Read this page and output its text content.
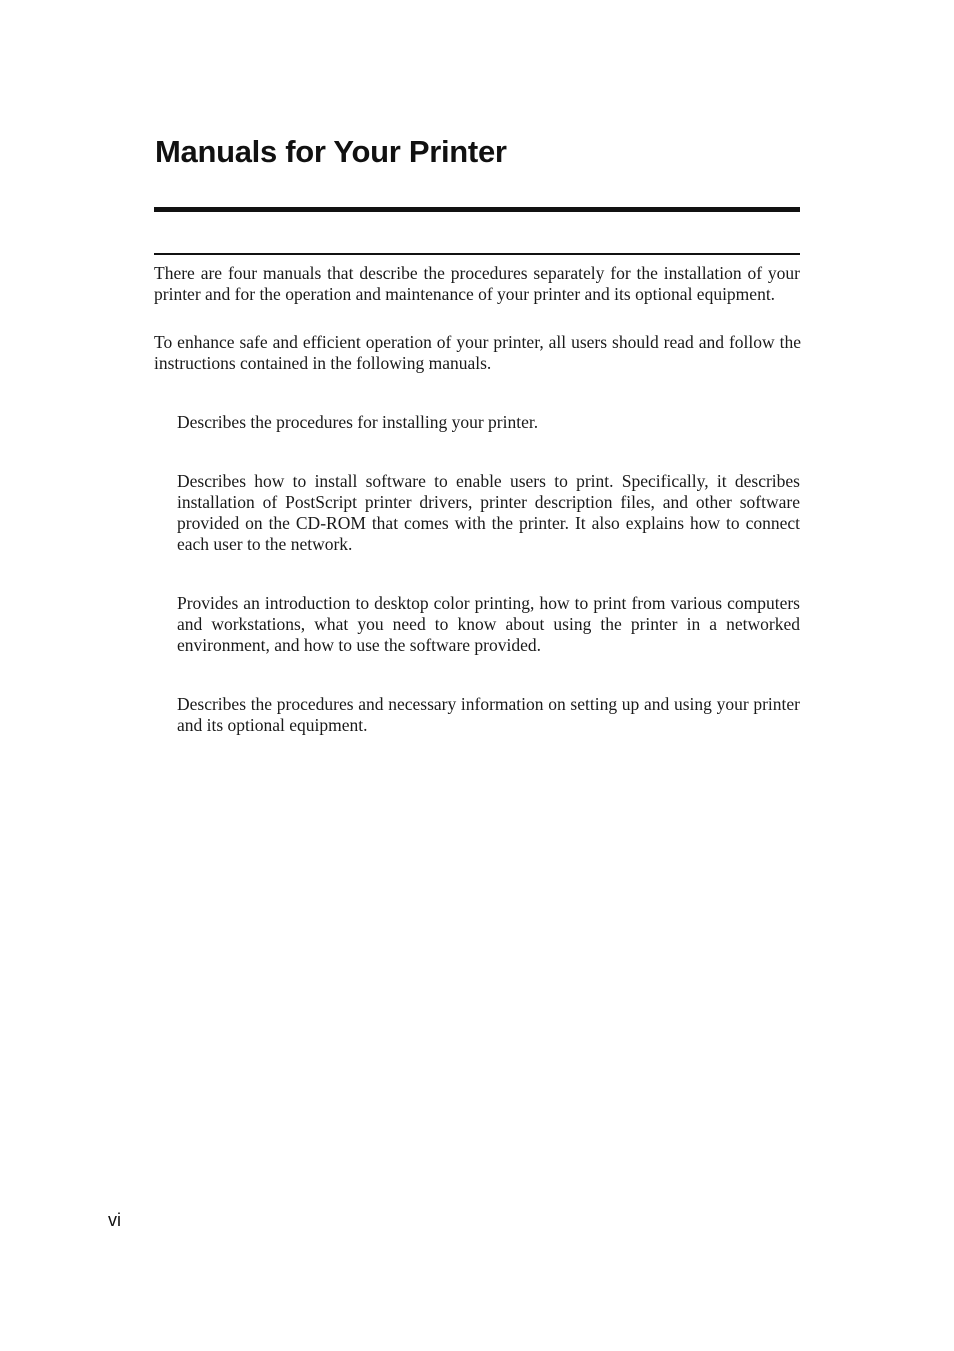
Manuals for Your Printer

There are four manuals that describe the procedures separately for the installation of your printer and for the operation and maintenance of your printer and its optional equipment.

To enhance safe and efficient operation of your printer, all users should read and follow the instructions contained in the following manuals.

Describes the procedures for installing your printer.

Describes how to install software to enable users to print. Specifically, it describes installation of PostScript printer drivers, printer description files, and other software provided on the CD-ROM that comes with the printer. It also explains how to connect each user to the network.

Provides an introduction to desktop color printing, how to print from various computers and workstations, what you need to know about using the printer in a networked environment, and how to use the software provided.

Describes the procedures and necessary information on setting up and using your printer and its optional equipment.

vi
